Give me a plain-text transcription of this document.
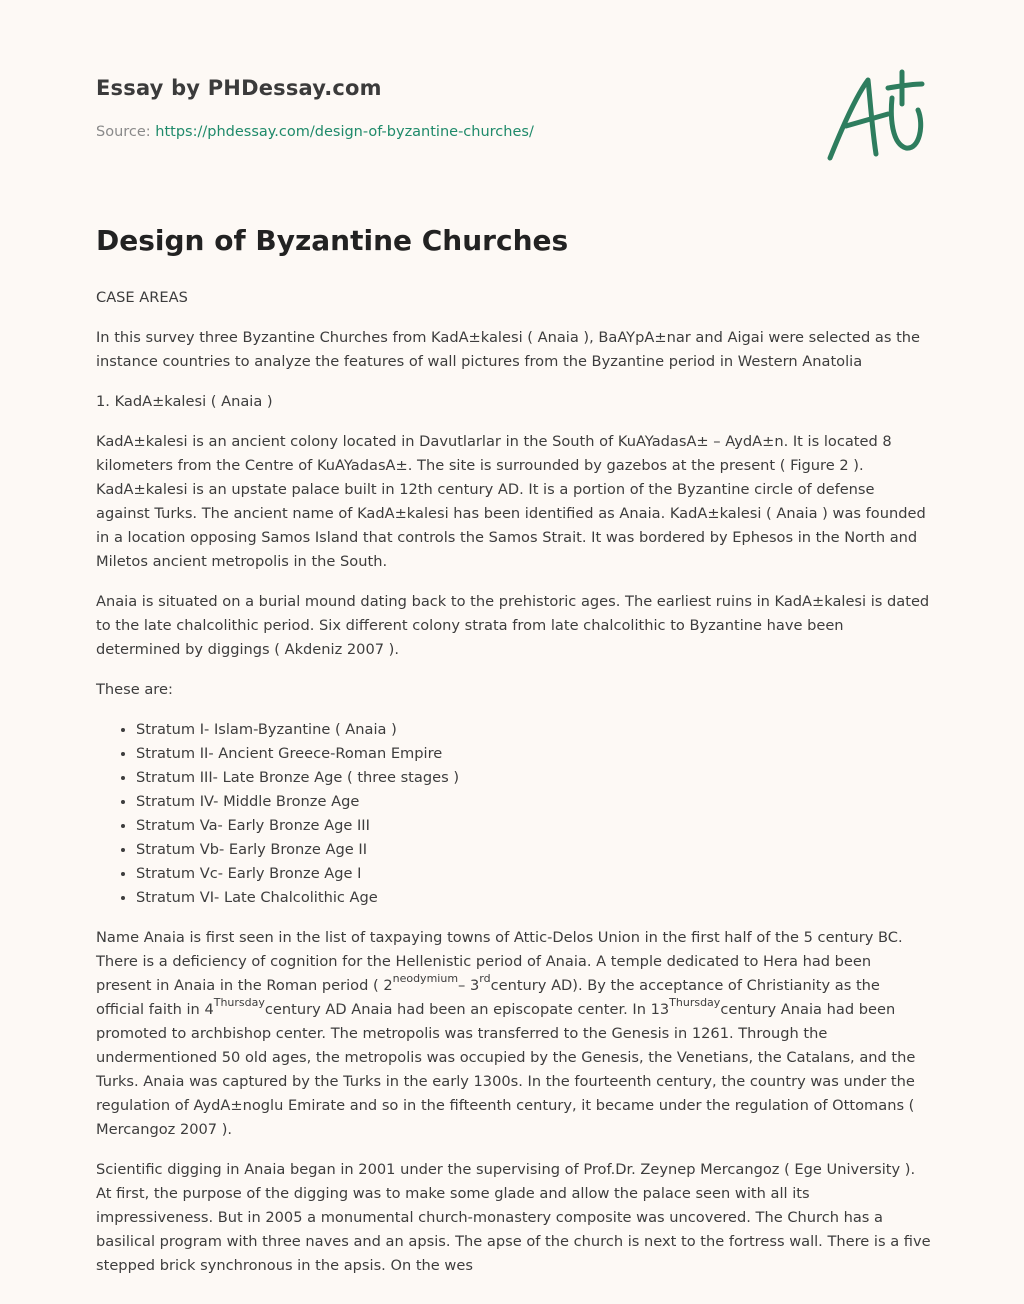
Essay by PHDessay.com
Source: https://phdessay.com/design-of-byzantine-churches/
Design of Byzantine Churches

CASE AREAS

In this survey three Byzantine Churches from KadA±kalesi ( Anaia ), BaAYpA±nar and Aigai were selected as the instance countries to analyze the features of wall pictures from the Byzantine period in Western Anatolia

1. KadA±kalesi ( Anaia )

KadA±kalesi is an ancient colony located in Davutlarlar in the South of KuAYadasA± – AydA±n. It is located 8 kilometers from the Centre of KuAYadasA±. The site is surrounded by gazebos at the present ( Figure 2 ). KadA±kalesi is an upstate palace built in 12th century AD. It is a portion of the Byzantine circle of defense against Turks. The ancient name of KadA±kalesi has been identified as Anaia. KadA±kalesi ( Anaia ) was founded in a location opposing Samos Island that controls the Samos Strait. It was bordered by Ephesos in the North and Miletos ancient metropolis in the South.

Anaia is situated on a burial mound dating back to the prehistoric ages. The earliest ruins in KadA±kalesi is dated to the late chalcolithic period. Six different colony strata from late chalcolithic to Byzantine have been determined by diggings ( Akdeniz 2007 ).

These are:

• Stratum I- Islam-Byzantine ( Anaia )
• Stratum II- Ancient Greece-Roman Empire
• Stratum III- Late Bronze Age ( three stages )
• Stratum IV- Middle Bronze Age
• Stratum Va- Early Bronze Age III
• Stratum Vb- Early Bronze Age II
• Stratum Vc- Early Bronze Age I
• Stratum VI- Late Chalcolithic Age

Name Anaia is first seen in the list of taxpaying towns of Attic-Delos Union in the first half of the 5 century BC. There is a deficiency of cognition for the Hellenistic period of Anaia. A temple dedicated to Hera had been present in Anaia in the Roman period ( $2^{neodymium}-$ 3rdcentury AD). By the acceptance of Christianity as the official faith in $4^{Thursday}century$ AD Anaia had been an episcopate center. In $13^{Thursday}century$ Anaia had been promoted to archbishop center. The metropolis was transferred to the Genesis in 1261. Through the undermentioned 50 old ages, the metropolis was occupied by the Genesis, the Venetians, the Catalans, and the Turks. Anaia was captured by the Turks in the early 1300s. In the fourteenth century, the country was under the regulation of AydA±noglu Emirate and so in the fifteenth century, it became under the regulation of Ottomans ( Mercangoz 2007 ).

Scientific digging in Anaia began in 2001 under the supervising of Prof.Dr. Zeynep Mercangoz ( Ege University ). At first, the purpose of the digging was to make some glade and allow the palace seen with all its impressiveness. But in 2005 a monumental church-monastery composite was uncovered. The Church has a basilical program with three naves and an apsis. The apse of the church is next to the fortress wall. There is a five stepped brick synchronous in the apsis. On the wes
